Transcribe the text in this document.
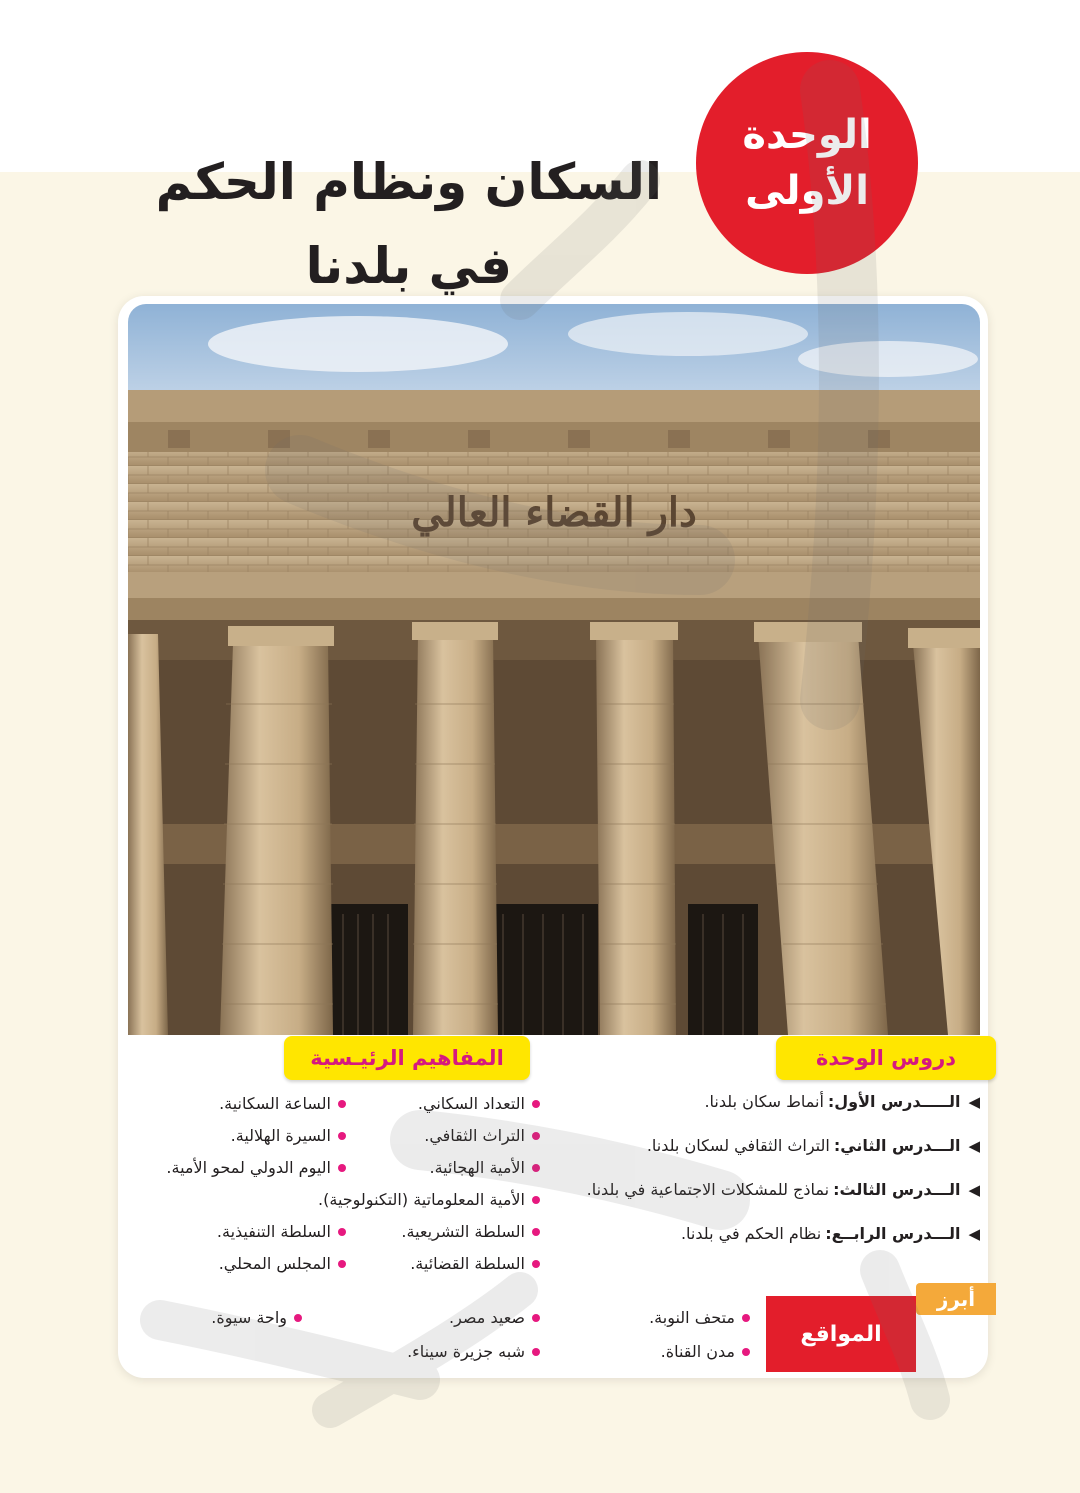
السكان ونظام الحكم
في بلدنا
الوحدة
الأولى
دار القضاء العالي
دروس الوحدة
◀
الـــــدرس الأول:
أنماط سكان بلدنا.
◀
الـــدرس الثاني:
التراث الثقافي لسكان بلدنا.
◀
الـــدرس الثالث:
نماذج للمشكلات الاجتماعية في بلدنا.
◀
الـــدرس الرابــع:
نظام الحكم في بلدنا.
المفاهيم الرئيـسية
التعداد السكاني.
الساعة السكانية.
التراث الثقافي.
السيرة الهلالية.
الأمية الهجائية.
اليوم الدولي لمحو الأمية.
الأمية المعلوماتية (التكنولوجية).
السلطة التشريعية.
السلطة التنفيذية.
السلطة القضائية.
المجلس المحلي.
أبرز
المواقع
متحف النوبة.
صعيد مصر.
واحة سيوة.
مدن القناة.
شبه جزيرة سيناء.
